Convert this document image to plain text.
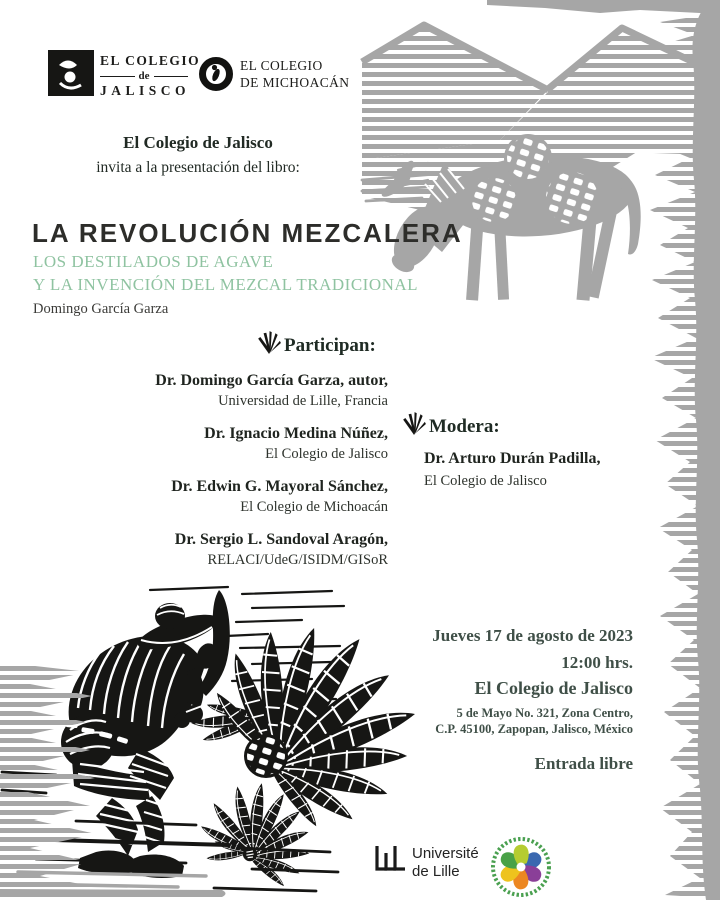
EL COLEGIO
de
JALISCO
EL COLEGIO
DE MICHOACÁN
El Colegio de Jalisco
invita a la presentación del libro:
LA REVOLUCIÓN MEZCALERA
LOS DESTILADOS DE AGAVE
Y LA INVENCIÓN DEL MEZCAL TRADICIONAL
Domingo García Garza
Participan:
Dr. Domingo García Garza, autor,
Universidad de Lille, Francia
Dr. Ignacio Medina Núñez,
El Colegio de Jalisco
Dr. Edwin G. Mayoral Sánchez,
El Colegio de Michoacán
Dr. Sergio L. Sandoval Aragón,
RELACI/UdeG/ISIDM/GISoR
Modera:
Dr. Arturo Durán Padilla,
El Colegio de Jalisco
Jueves 17 de agosto de 2023
12:00 hrs.
El Colegio de Jalisco
5 de Mayo No. 321, Zona Centro,
C.P. 45100, Zapopan, Jalisco, México
Entrada libre
Université
de Lille
